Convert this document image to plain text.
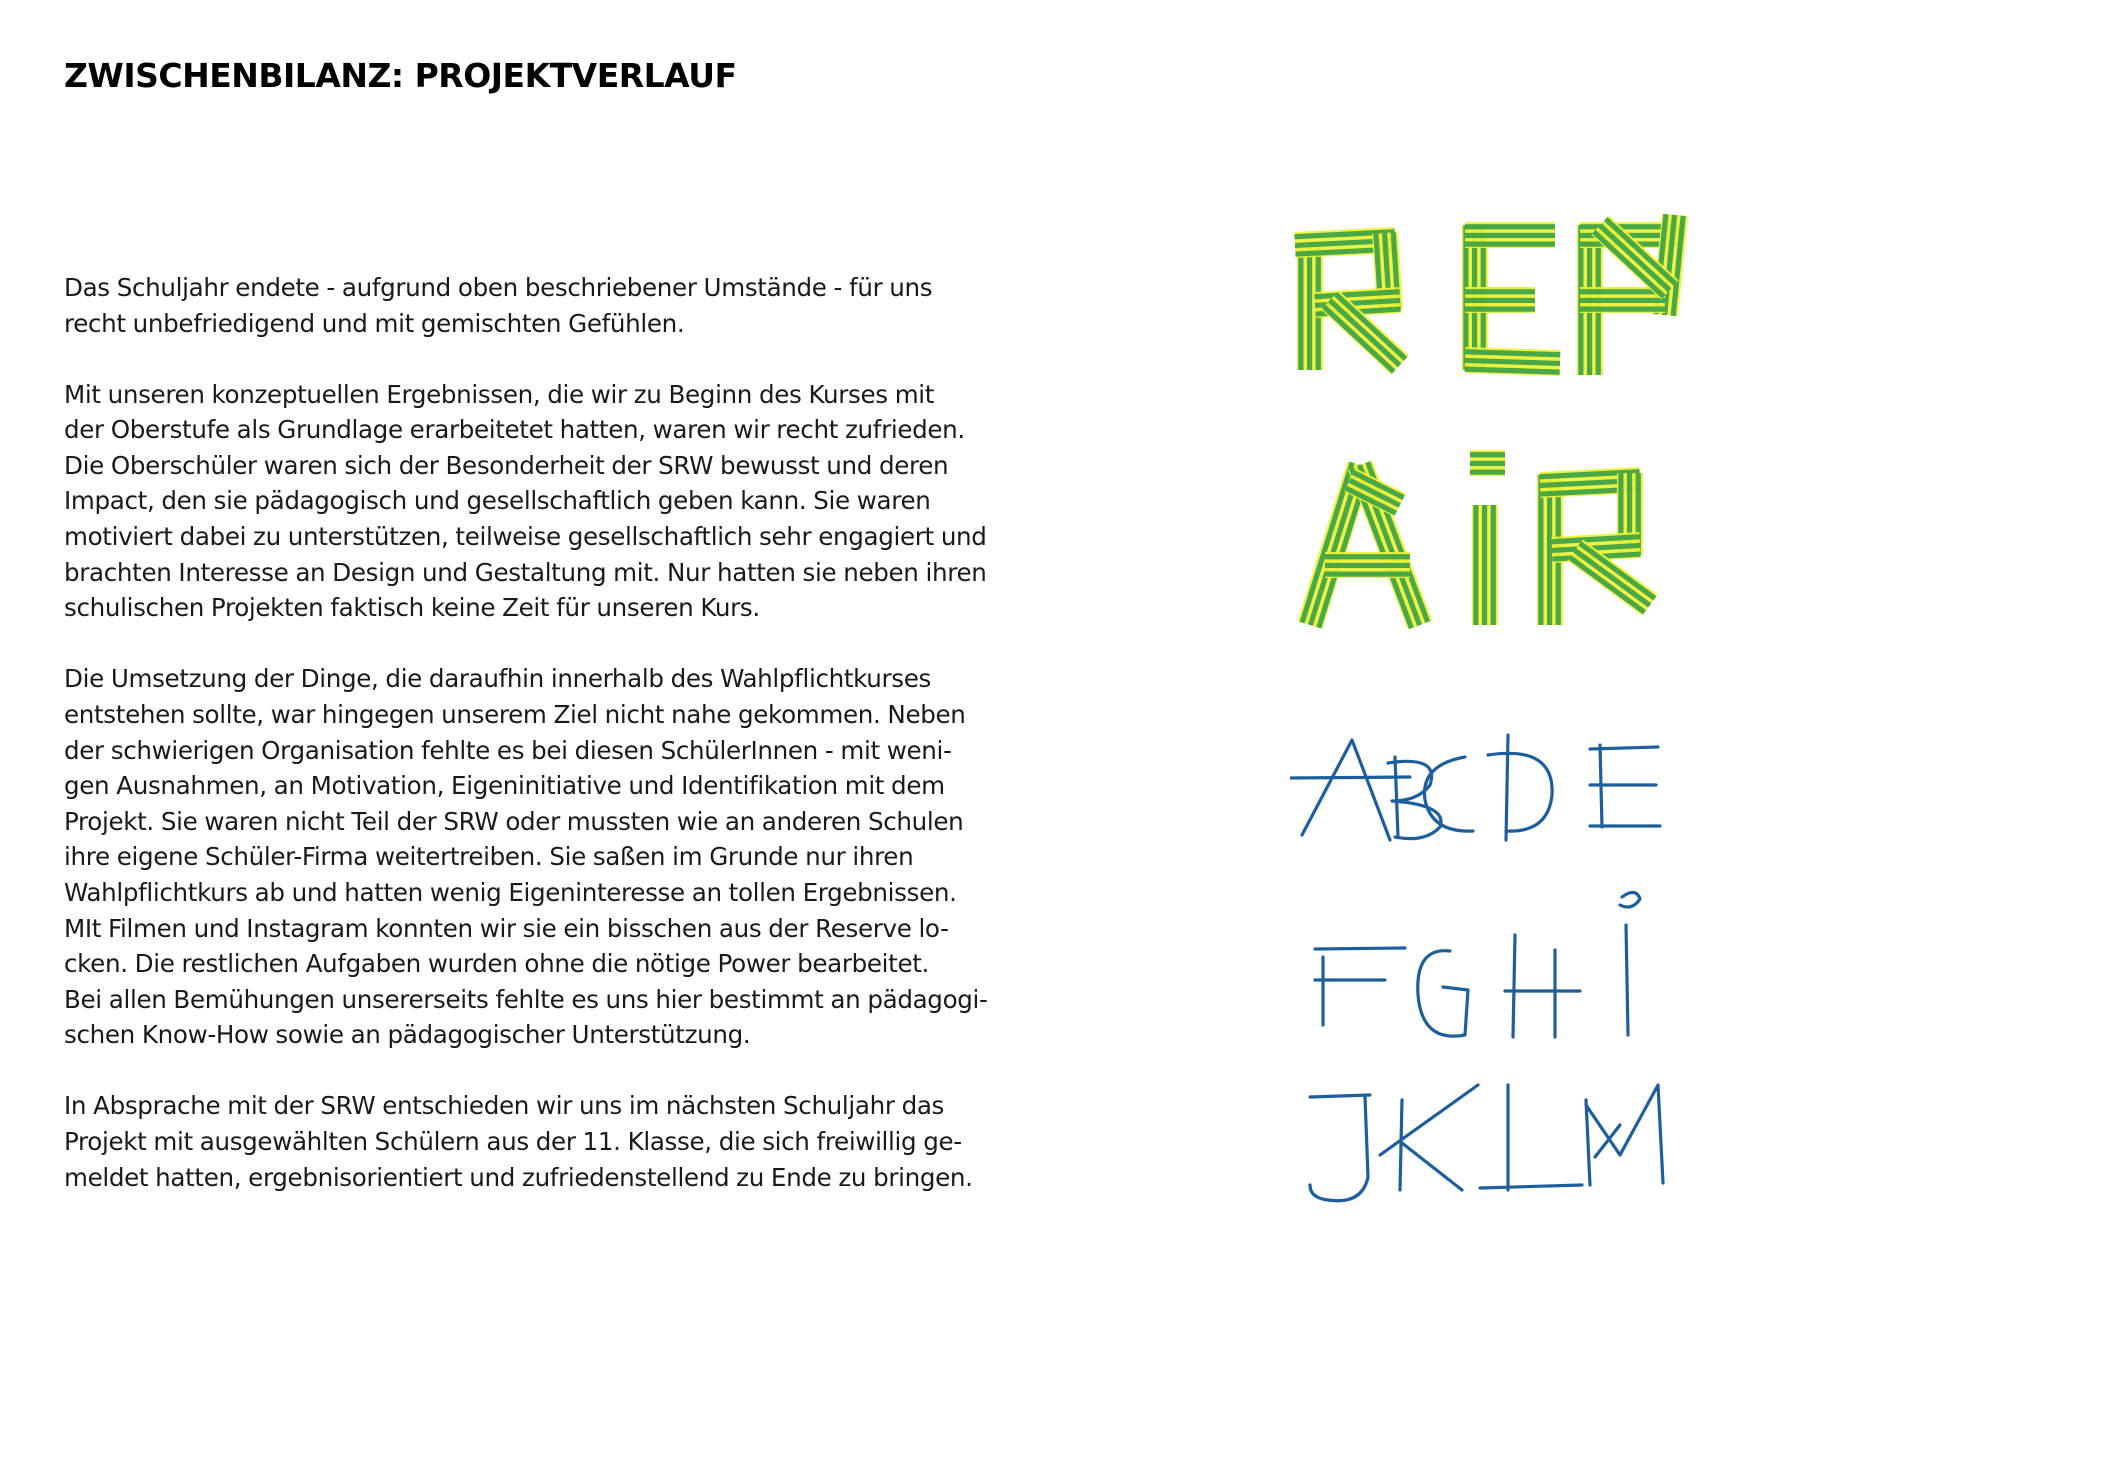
ZWISCHENBILANZ: PROJEKTVERLAUF

Das Schuljahr endete - aufgrund oben beschriebener Umstände - für uns
recht unbefriedigend und mit gemischten Gefühlen.

Mit unseren konzeptuellen Ergebnissen, die wir zu Beginn des Kurses mit
der Oberstufe als Grundlage erarbeitetet hatten, waren wir recht zufrieden.
Die Oberschüler waren sich der Besonderheit der SRW bewusst und deren
Impact, den sie pädagogisch und gesellschaftlich geben kann. Sie waren
motiviert dabei zu unterstützen, teilweise gesellschaftlich sehr engagiert und
brachten Interesse an Design und Gestaltung mit. Nur hatten sie neben ihren
schulischen Projekten faktisch keine Zeit für unseren Kurs.

Die Umsetzung der Dinge, die daraufhin innerhalb des Wahlpflichtkurses
entstehen sollte, war hingegen unserem Ziel nicht nahe gekommen. Neben
der schwierigen Organisation fehlte es bei diesen SchülerInnen - mit weni-
gen Ausnahmen, an Motivation, Eigeninitiative und Identifikation mit dem
Projekt. Sie waren nicht Teil der SRW oder mussten wie an anderen Schulen
ihre eigene Schüler-Firma weitertreiben. Sie saßen im Grunde nur ihren
Wahlpflichtkurs ab und hatten wenig Eigeninteresse an tollen Ergebnissen.
MIt Filmen und Instagram konnten wir sie ein bisschen aus der Reserve lo-
cken. Die restlichen Aufgaben wurden ohne die nötige Power bearbeitet.
Bei allen Bemühungen unsererseits fehlte es uns hier bestimmt an pädagogi-
schen Know-How sowie an pädagogischer Unterstützung.

In Absprache mit der SRW entschieden wir uns im nächsten Schuljahr das
Projekt mit ausgewählten Schülern aus der 11. Klasse, die sich freiwillig ge-
meldet hatten, ergebnisorientiert und zufriedenstellend zu Ende zu bringen.
